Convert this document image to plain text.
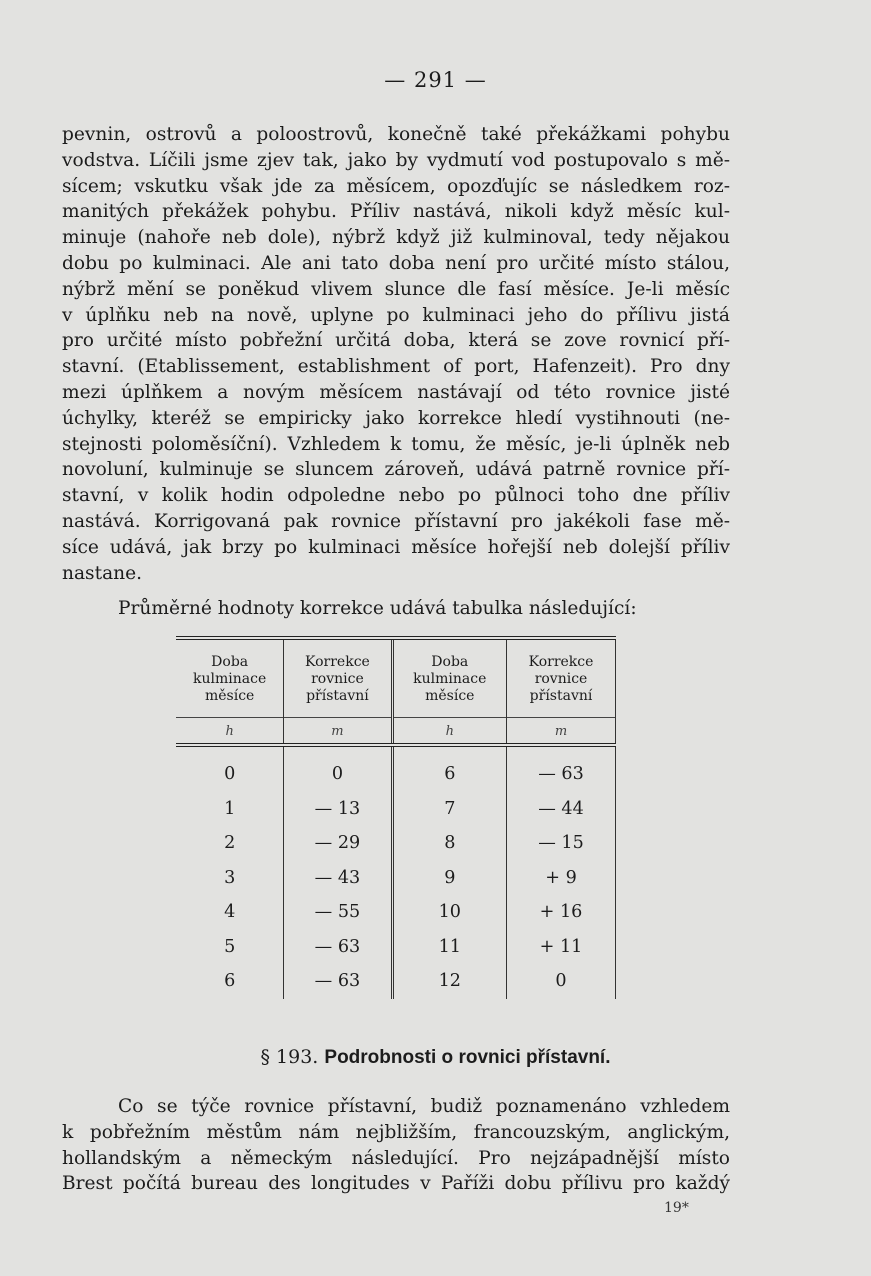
— 291 —
pevnin, ostrovů a poloostrovů, konečně také překážkami pohybu
vodstva. Líčili jsme zjev tak, jako by vydmutí vod postupovalo s mě-
sícem; vskutku však jde za měsícem, opozďujíc se následkem roz-
manitých překážek pohybu. Příliv nastává, nikoli když měsíc kul-
minuje (nahoře neb dole), nýbrž když již kulminoval, tedy nějakou
dobu po kulminaci. Ale ani tato doba není pro určité místo stálou,
nýbrž mění se poněkud vlivem slunce dle fasí měsíce. Je-li měsíc
v úplňku neb na nově, uplyne po kulminaci jeho do přílivu jistá
pro určité místo pobřežní určitá doba, která se zove rovnicí pří-
stavní. (Etablissement, establishment of port, Hafenzeit). Pro dny
mezi úplňkem a novým měsícem nastávají od této rovnice jisté
úchylky, kteréž se empiricky jako korrekce hledí vystihnouti (ne-
stejnosti poloměsíční). Vzhledem k tomu, že měsíc, je-li úplněk neb
novoluní, kulminuje se sluncem zároveň, udává patrně rovnice pří-
stavní, v kolik hodin odpoledne nebo po půlnoci toho dne příliv
nastává. Korrigovaná pak rovnice přístavní pro jakékoli fase mě-
síce udává, jak brzy po kulminaci měsíce hořejší neb dolejší příliv
nastane.
Průměrné hodnoty korrekce udává tabulka následující:
Doba kulminace měsíce	Korrekce rovnice přístavní	Doba kulminace měsíce	Korrekce rovnice přístavní
h	m	h	m
0	0	6	— 63
1	— 13	7	— 44
2	— 29	8	— 15
3	— 43	9	+ 9
4	— 55	10	+ 16
5	— 63	11	+ 11
6	— 63	12	0
§ 193. Podrobnosti o rovnici přístavní.
Co se týče rovnice přístavní, budiž poznamenáno vzhledem
k pobřežním městům nám nejbližším, francouzským, anglickým,
hollandským a německým následující. Pro nejzápadnější místo
Brest počítá bureau des longitudes v Paříži dobu přílivu pro každý
19*
